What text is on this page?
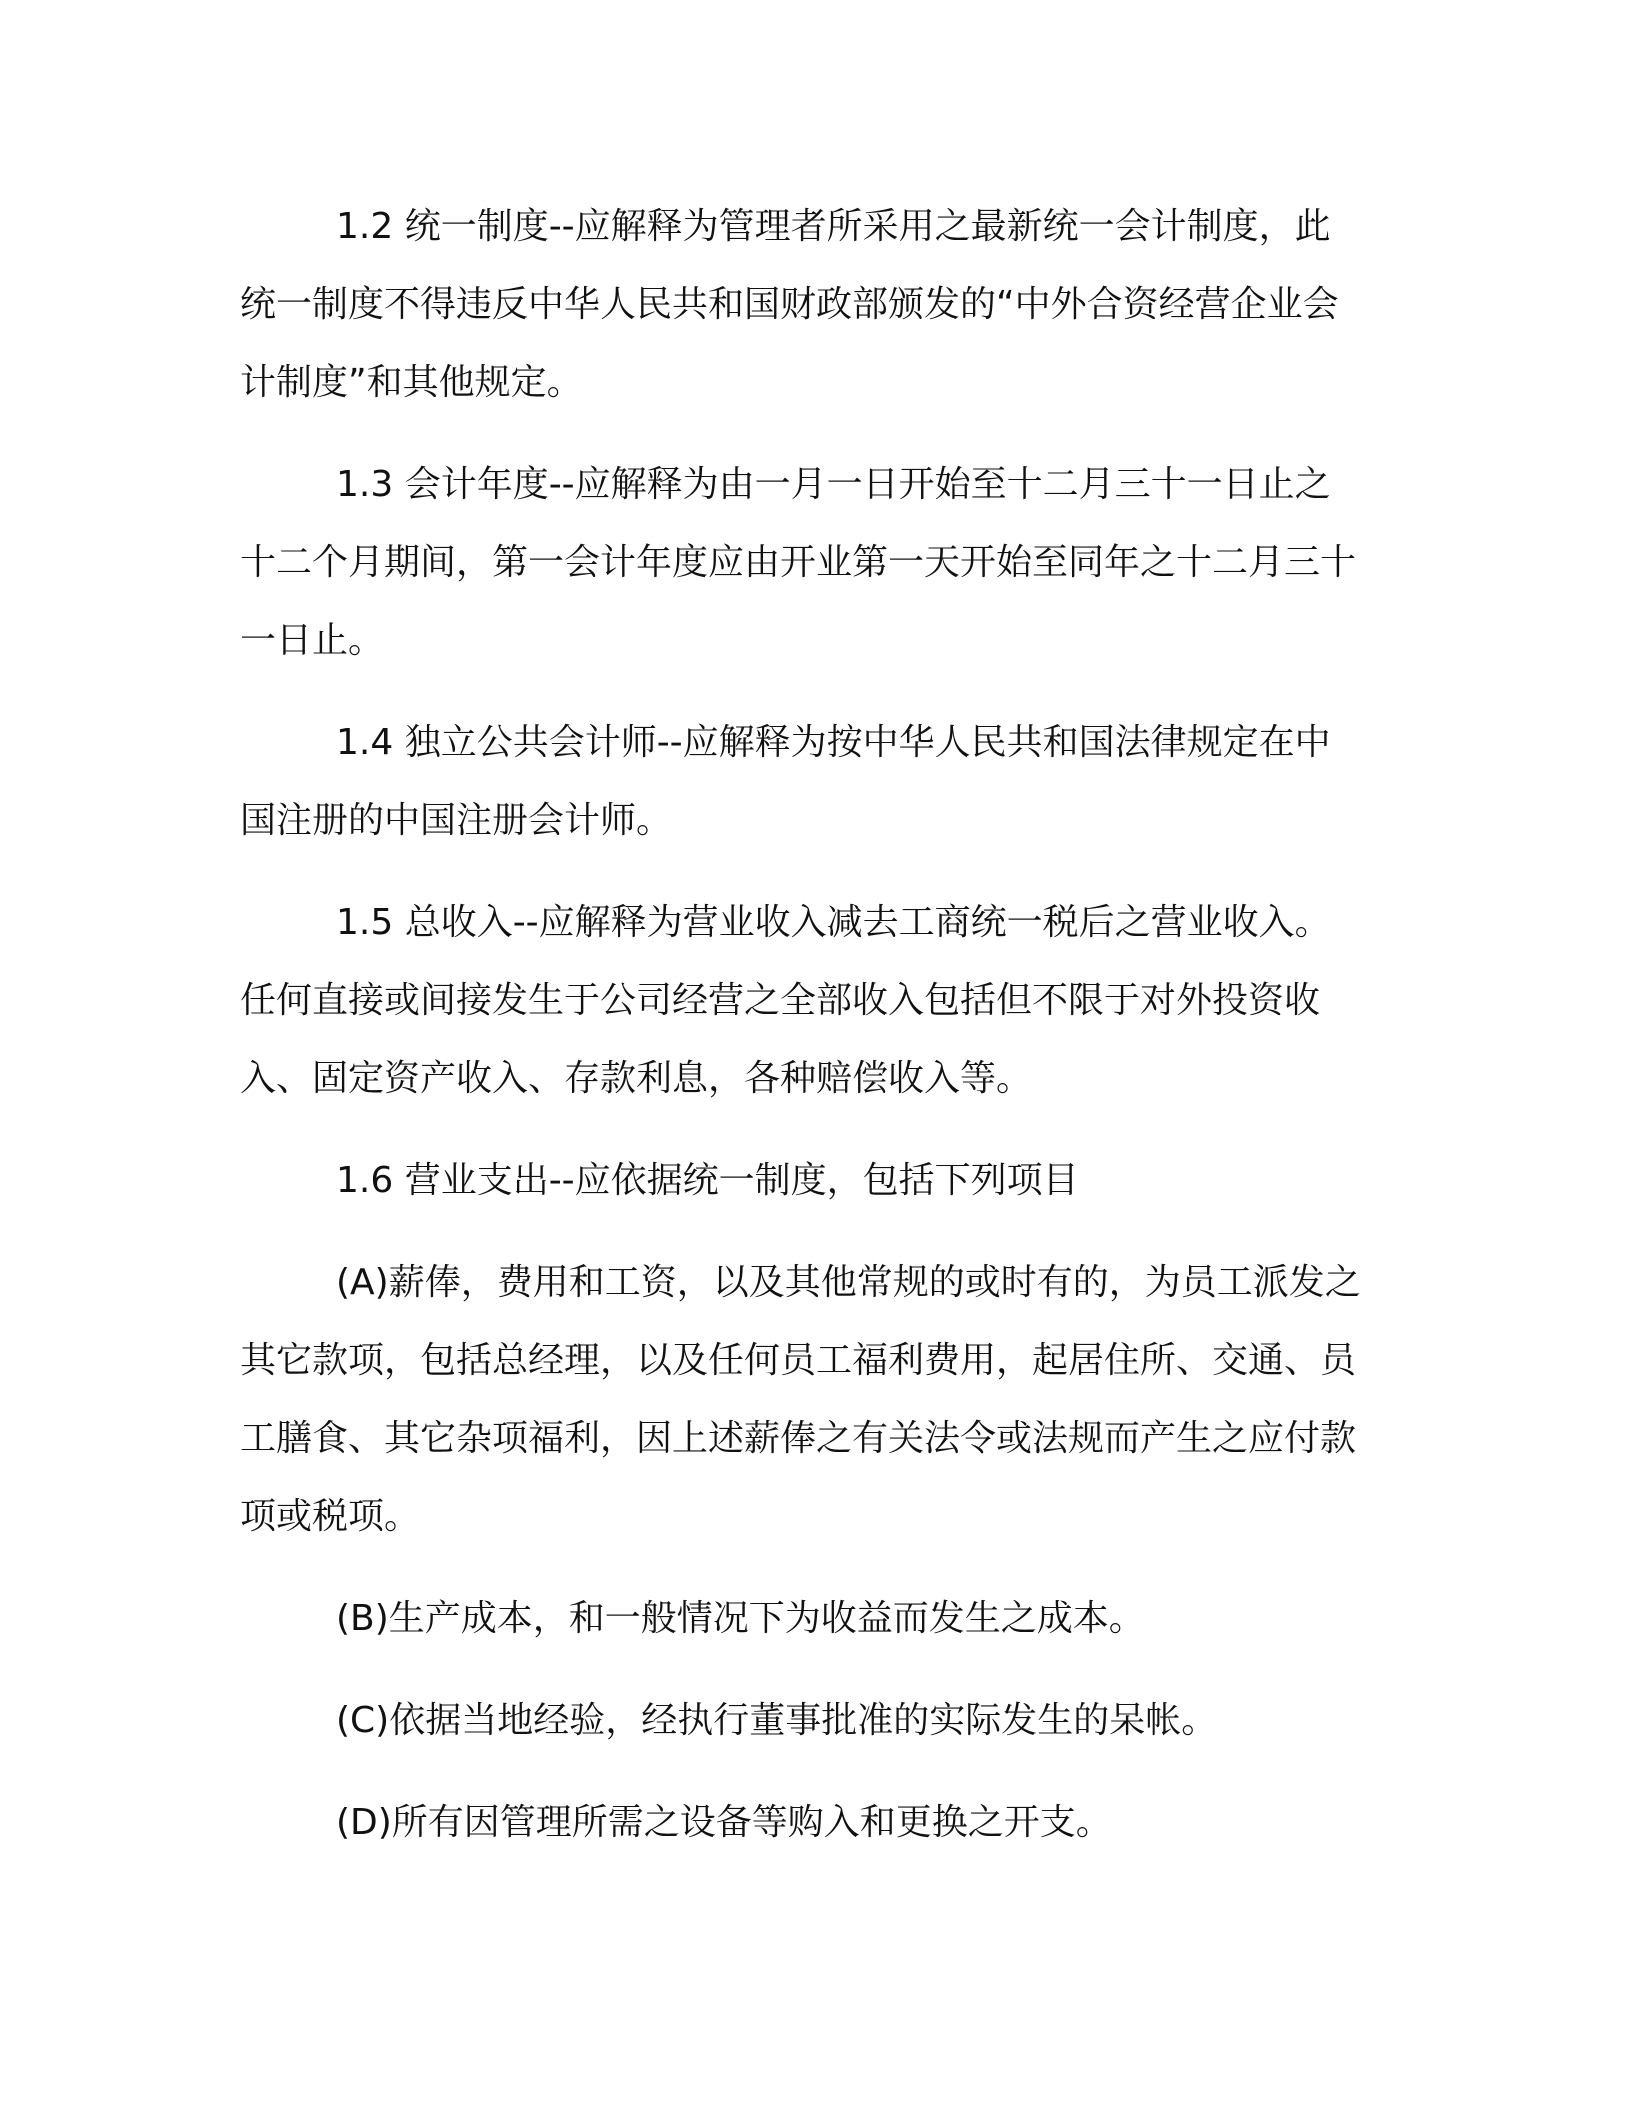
1.2 统一制度--应解释为管理者所采用之最新统一会计制度，此统一制度不得违反中华人民共和国财政部颁发的“中外合资经营企业会计制度”和其他规定。

1.3 会计年度--应解释为由一月一日开始至十二月三十一日止之十二个月期间，第一会计年度应由开业第一天开始至同年之十二月三十一日止。

1.4 独立公共会计师--应解释为按中华人民共和国法律规定在中国注册的中国注册会计师。

1.5 总收入--应解释为营业收入减去工商统一税后之营业收入。任何直接或间接发生于公司经营之全部收入包括但不限于对外投资收入、固定资产收入、存款利息，各种赔偿收入等。

1.6 营业支出--应依据统一制度，包括下列项目

(A)薪俸，费用和工资，以及其他常规的或时有的，为员工派发之其它款项，包括总经理，以及任何员工福利费用，起居住所、交通、员工膳食、其它杂项福利，因上述薪俸之有关法令或法规而产生之应付款项或税项。

(B)生产成本，和一般情况下为收益而发生之成本。

(C)依据当地经验，经执行董事批准的实际发生的呆帐。

(D)所有因管理所需之设备等购入和更换之开支。
